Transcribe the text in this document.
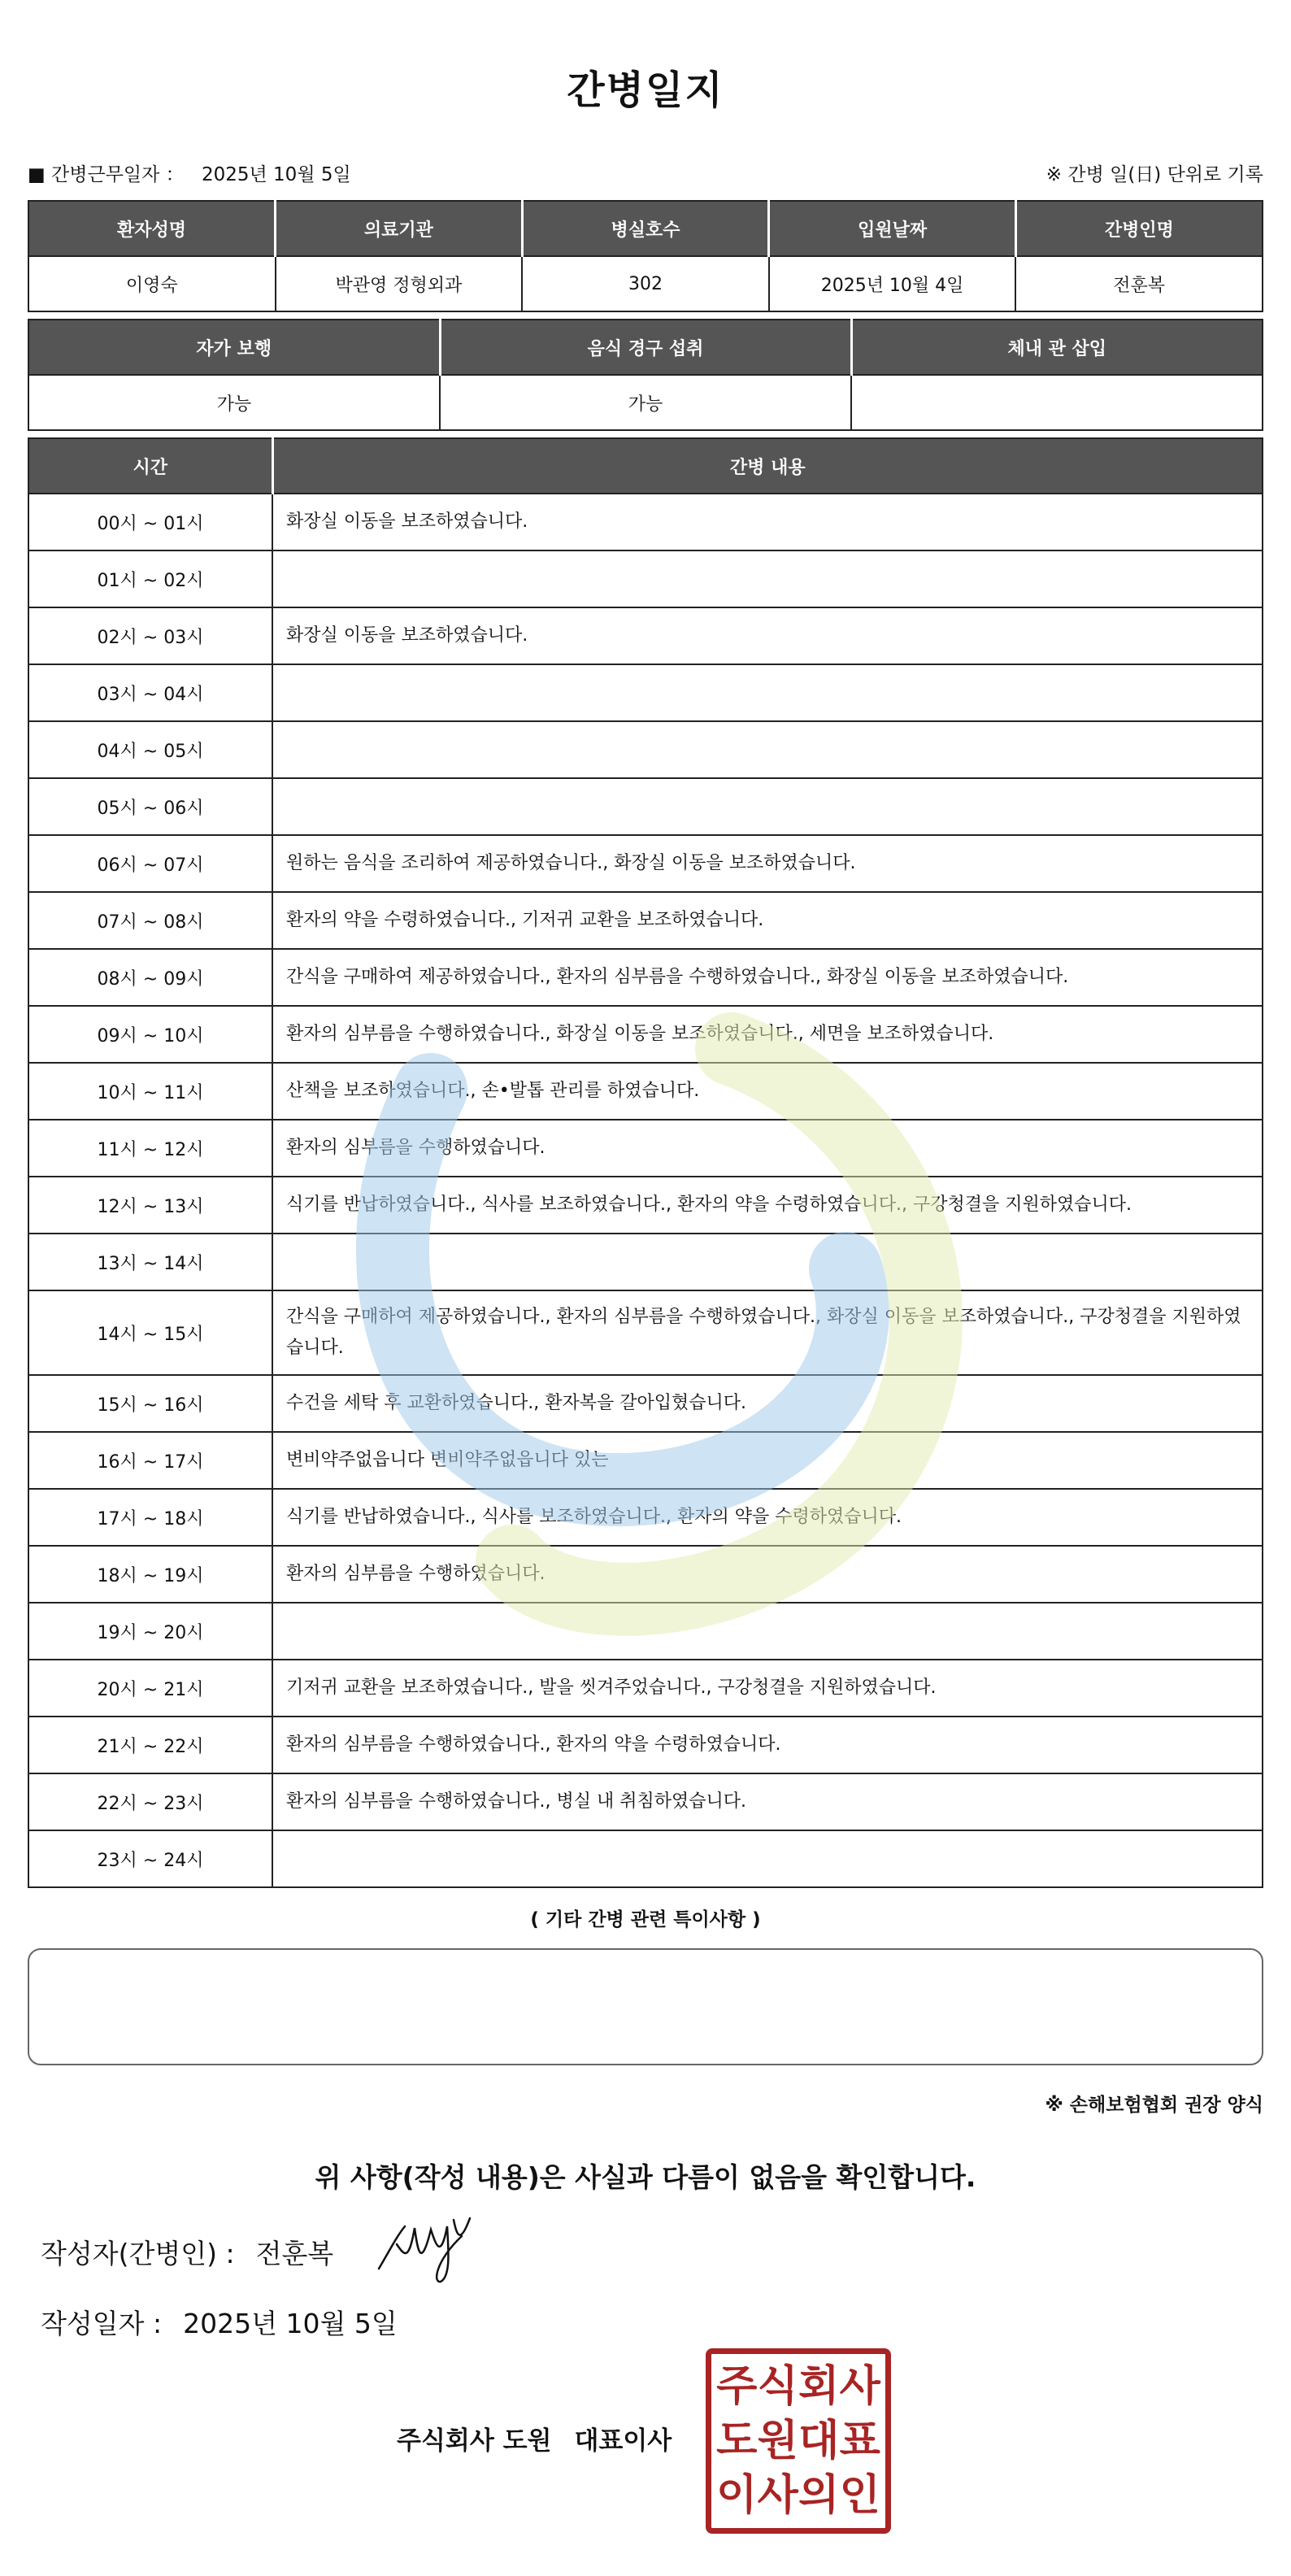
간병일지
■ 간병근무일자 ： 2025년 10월 5일	※ 간병 일(日) 단위로 기록
환자성명	의료기관	병실호수	입원날짜	간병인명
이영숙	박관영 정형외과	302	2025년 10월 4일	전훈복
자가 보행	음식 경구 섭취	체내 관 삽입
가능	가능	
시간	간병 내용
00시 ~ 01시	화장실 이동을 보조하였습니다.
01시 ~ 02시	
02시 ~ 03시	화장실 이동을 보조하였습니다.
03시 ~ 04시	
04시 ~ 05시	
05시 ~ 06시	
06시 ~ 07시	원하는 음식을 조리하여 제공하였습니다., 화장실 이동을 보조하였습니다.
07시 ~ 08시	환자의 약을 수령하였습니다., 기저귀 교환을 보조하였습니다.
08시 ~ 09시	간식을 구매하여 제공하였습니다., 환자의 심부름을 수행하였습니다., 화장실 이동을 보조하였습니다.
09시 ~ 10시	환자의 심부름을 수행하였습니다., 화장실 이동을 보조하였습니다., 세면을 보조하였습니다.
10시 ~ 11시	산책을 보조하였습니다., 손•발톱 관리를 하였습니다.
11시 ~ 12시	환자의 심부름을 수행하였습니다.
12시 ~ 13시	식기를 반납하였습니다., 식사를 보조하였습니다., 환자의 약을 수령하였습니다., 구강청결을 지원하였습니다.
13시 ~ 14시	
14시 ~ 15시	간식을 구매하여 제공하였습니다., 환자의 심부름을 수행하였습니다., 화장실 이동을 보조하였습니다., 구강청결을 지원하였습니다.
15시 ~ 16시	수건을 세탁 후 교환하였습니다., 환자복을 갈아입혔습니다.
16시 ~ 17시	변비약주없읍니다 변비약주없읍니다 있는
17시 ~ 18시	식기를 반납하였습니다., 식사를 보조하였습니다., 환자의 약을 수령하였습니다.
18시 ~ 19시	환자의 심부름을 수행하였습니다.
19시 ~ 20시	
20시 ~ 21시	기저귀 교환을 보조하였습니다., 발을 씻겨주었습니다., 구강청결을 지원하였습니다.
21시 ~ 22시	환자의 심부름을 수행하였습니다., 환자의 약을 수령하였습니다.
22시 ~ 23시	환자의 심부름을 수행하였습니다., 병실 내 취침하였습니다.
23시 ~ 24시	
( 기타 간병 관련 특이사항 )
※ 손해보험협회 권장 양식
위 사항(작성 내용)은 사실과 다름이 없음을 확인합니다.
작성자(간병인) : 전훈복
작성일자 : 2025년 10월 5일
주식회사 도원 대표이사
주 식 회 사
도 원 대 표
이 사 의 인
